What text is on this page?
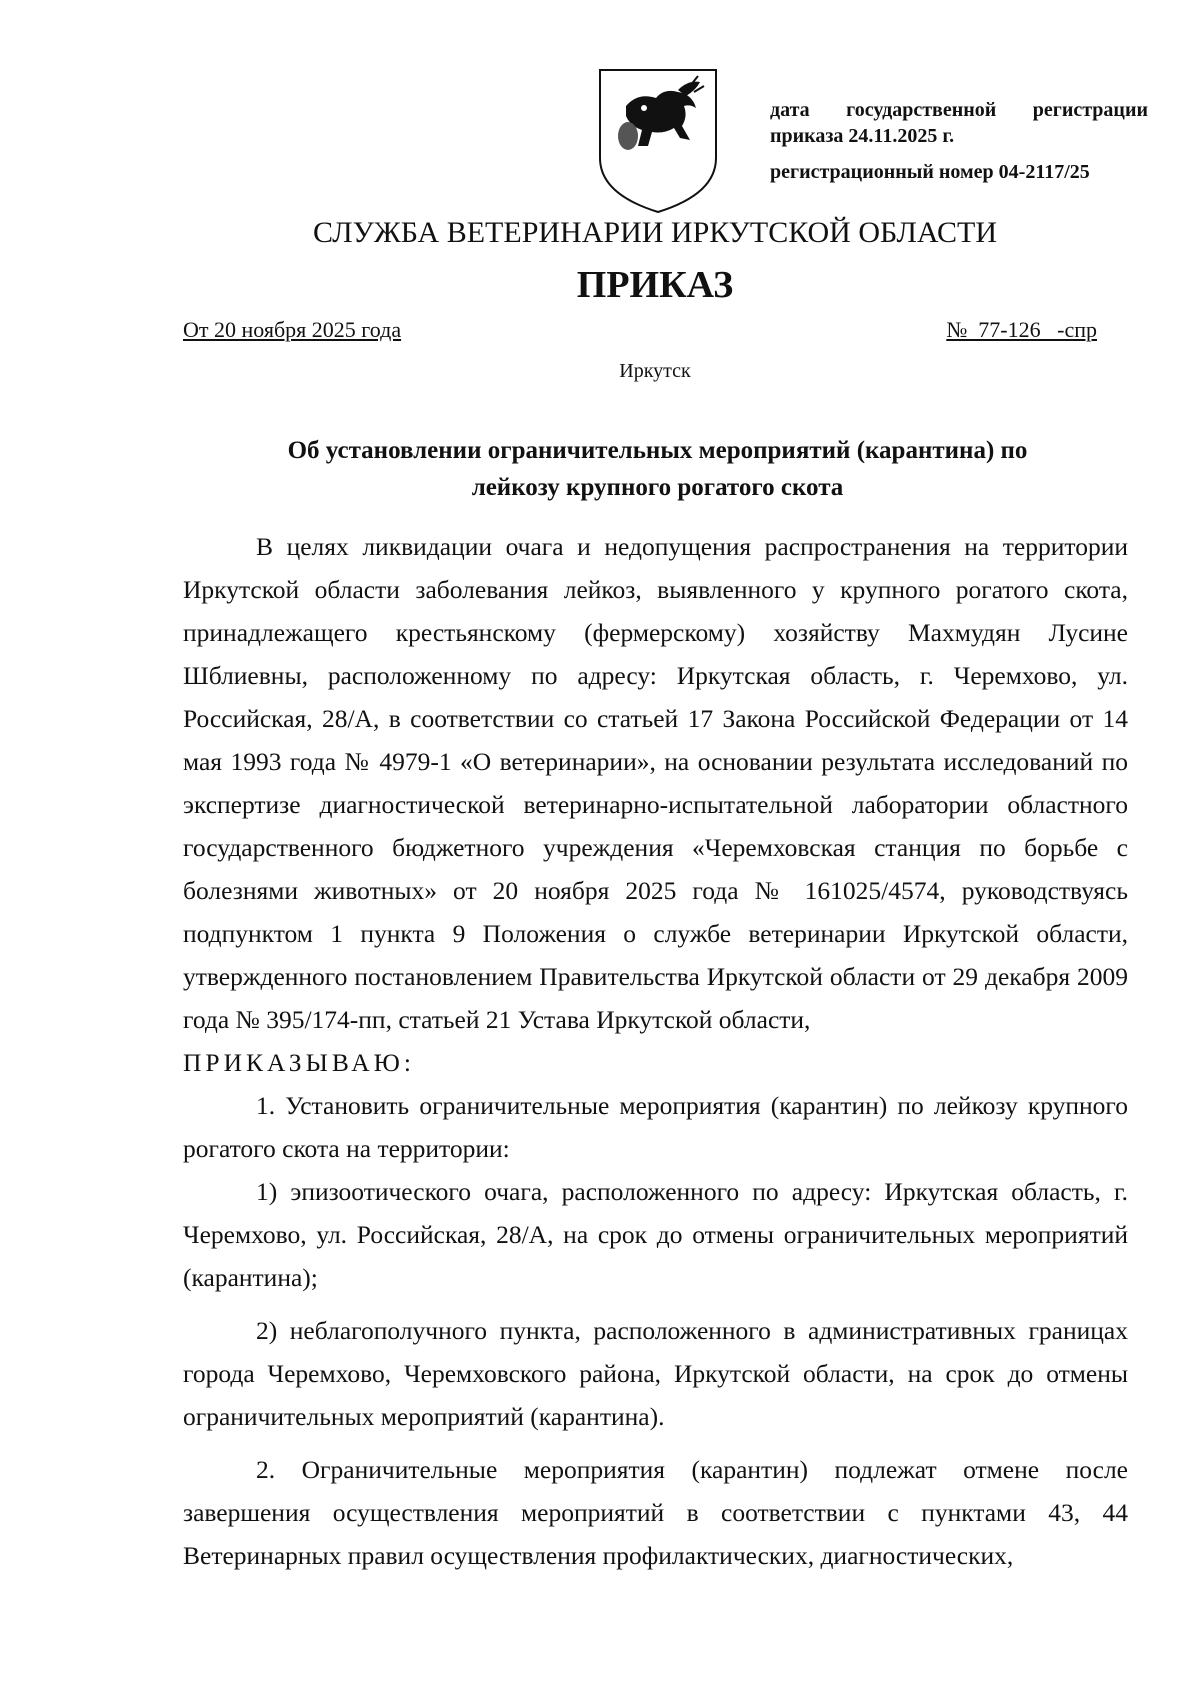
дата государственной регистрации
приказа 24.11.2025 г.
регистрационный номер 04-2117/25
СЛУЖБА ВЕТЕРИНАРИИ ИРКУТСКОЙ ОБЛАСТИ
ПРИКАЗ
От 20 ноября 2025 года	№  77-126   -спр
Иркутск
Об установлении ограничительных мероприятий (карантина) по
лейкозу крупного рогатого скота

В целях ликвидации очага и недопущения распространения на территории Иркутской области заболевания лейкоз, выявленного у крупного рогатого скота, принадлежащего крестьянскому (фермерскому) хозяйству Махмудян Лусине Шблиевны, расположенному по адресу: Иркутская область, г. Черемхово, ул. Российская, 28/А, в соответствии со статьей 17 Закона Российской Федерации от 14 мая 1993 года № 4979-1 «О ветеринарии», на основании результата исследований по экспертизе диагностической ветеринарно-испытательной лаборатории областного государственного бюджетного учреждения «Черемховская станция по борьбе с болезнями животных» от 20 ноября 2025 года № 161025/4574, руководствуясь подпунктом 1 пункта 9 Положения о службе ветеринарии Иркутской области, утвержденного постановлением Правительства Иркутской области от 29 декабря 2009 года № 395/174-пп, статьей 21 Устава Иркутской области,

ПРИКАЗЫВАЮ:

1. Установить ограничительные мероприятия (карантин) по лейкозу крупного рогатого скота на территории:

1) эпизоотического очага, расположенного по адресу: Иркутская область, г. Черемхово, ул. Российская, 28/А, на срок до отмены ограничительных мероприятий (карантина);

2) неблагополучного пункта, расположенного в административных границах города Черемхово, Черемховского района, Иркутской области, на срок до отмены ограничительных мероприятий (карантина).

2. Ограничительные мероприятия (карантин) подлежат отмене после завершения осуществления мероприятий в соответствии с пунктами 43, 44 Ветеринарных правил осуществления профилактических, диагностических,
